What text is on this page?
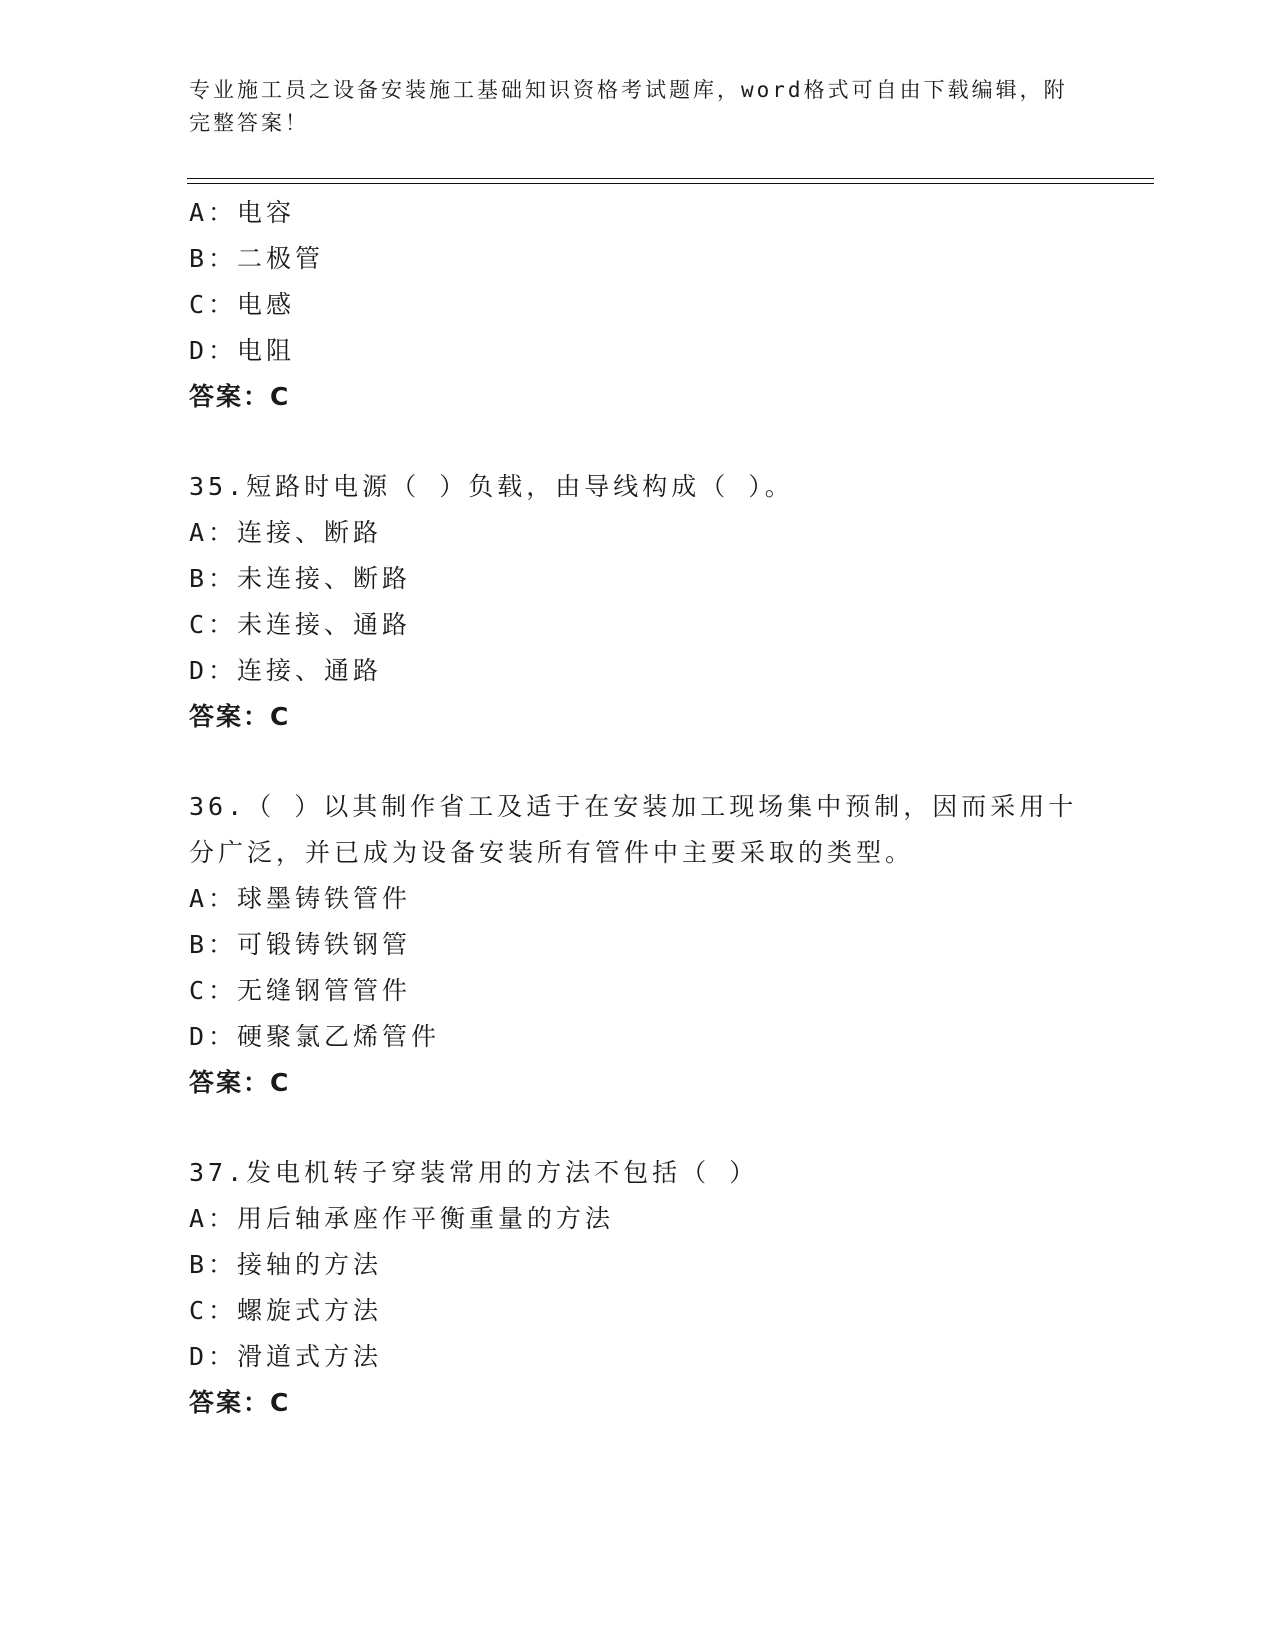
专业施工员之设备安装施工基础知识资格考试题库，word格式可自由下载编辑，附完整答案！
A：电容
B：二极管
C：电感
D：电阻
答案：C
35.短路时电源（ ）负载，由导线构成（ ）。
A：连接、断路
B：未连接、断路
C：未连接、通路
D：连接、通路
答案：C
36.（ ）以其制作省工及适于在安装加工现场集中预制，因而采用十分广泛，并已成为设备安装所有管件中主要采取的类型。
A：球墨铸铁管件
B：可锻铸铁钢管
C：无缝钢管管件
D：硬聚氯乙烯管件
答案：C
37.发电机转子穿装常用的方法不包括（ ）
A：用后轴承座作平衡重量的方法
B：接轴的方法
C：螺旋式方法
D：滑道式方法
答案：C
